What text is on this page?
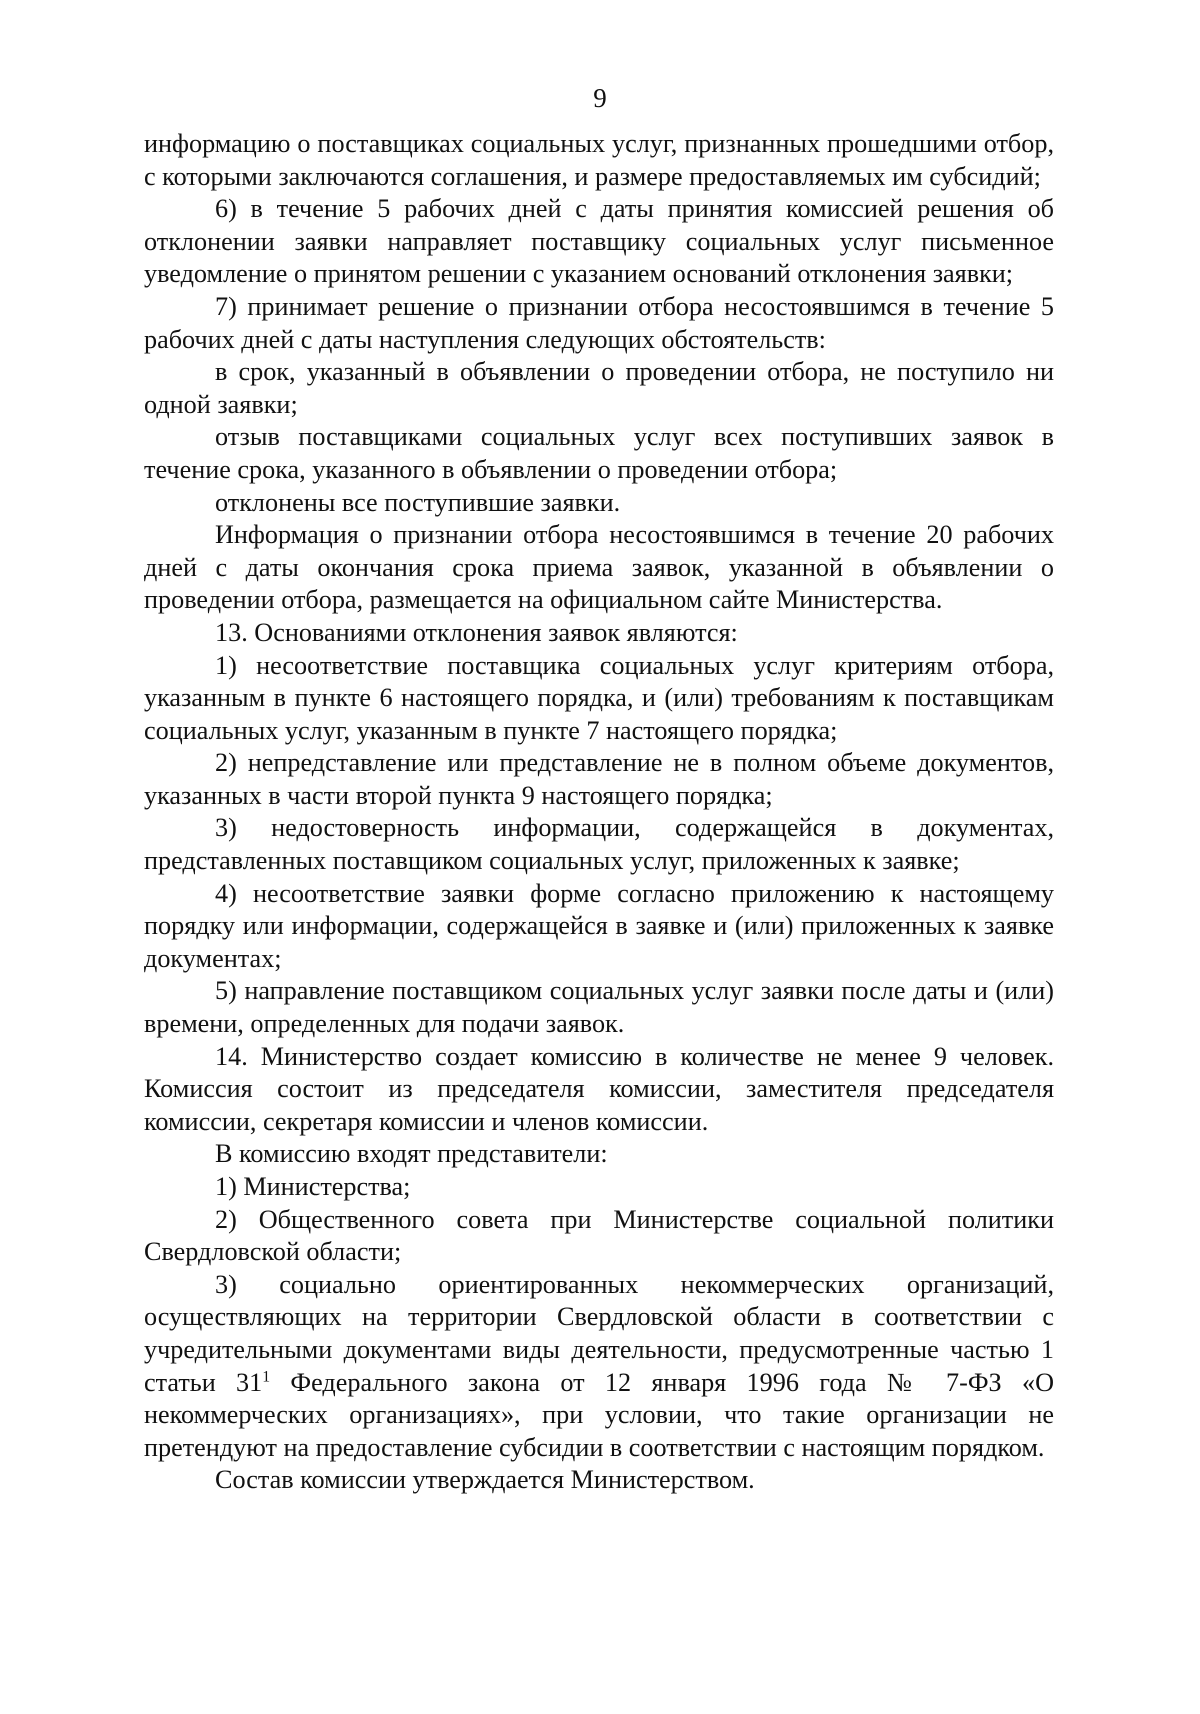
9

информацию о поставщиках социальных услуг, признанных прошедшими отбор, с которыми заключаются соглашения, и размере предоставляемых им субсидий;

6) в течение 5 рабочих дней с даты принятия комиссией решения об отклонении заявки направляет поставщику социальных услуг письменное уведомление о принятом решении с указанием оснований отклонения заявки;

7) принимает решение о признании отбора несостоявшимся в течение 5 рабочих дней с даты наступления следующих обстоятельств:

в срок, указанный в объявлении о проведении отбора, не поступило ни одной заявки;

отзыв поставщиками социальных услуг всех поступивших заявок в течение срока, указанного в объявлении о проведении отбора;

отклонены все поступившие заявки.

Информация о признании отбора несостоявшимся в течение 20 рабочих дней с даты окончания срока приема заявок, указанной в объявлении о проведении отбора, размещается на официальном сайте Министерства.

13. Основаниями отклонения заявок являются:

1) несоответствие поставщика социальных услуг критериям отбора, указанным в пункте 6 настоящего порядка, и (или) требованиям к поставщикам социальных услуг, указанным в пункте 7 настоящего порядка;

2) непредставление или представление не в полном объеме документов, указанных в части второй пункта 9 настоящего порядка;

3) недостоверность информации, содержащейся в документах, представленных поставщиком социальных услуг, приложенных к заявке;

4) несоответствие заявки форме согласно приложению к настоящему порядку или информации, содержащейся в заявке и (или) приложенных к заявке документах;

5) направление поставщиком социальных услуг заявки после даты и (или) времени, определенных для подачи заявок.

14. Министерство создает комиссию в количестве не менее 9 человек. Комиссия состоит из председателя комиссии, заместителя председателя комиссии, секретаря комиссии и членов комиссии.

В комиссию входят представители:

1) Министерства;

2) Общественного совета при Министерстве социальной политики Свердловской области;

3) социально ориентированных некоммерческих организаций, осуществляющих на территории Свердловской области в соответствии с учредительными документами виды деятельности, предусмотренные частью 1 статьи $31^1$ Федерального закона от 12 января 1996 года № 7-ФЗ «О некоммерческих организациях», при условии, что такие организации не претендуют на предоставление субсидии в соответствии с настоящим порядком.

Состав комиссии утверждается Министерством.
